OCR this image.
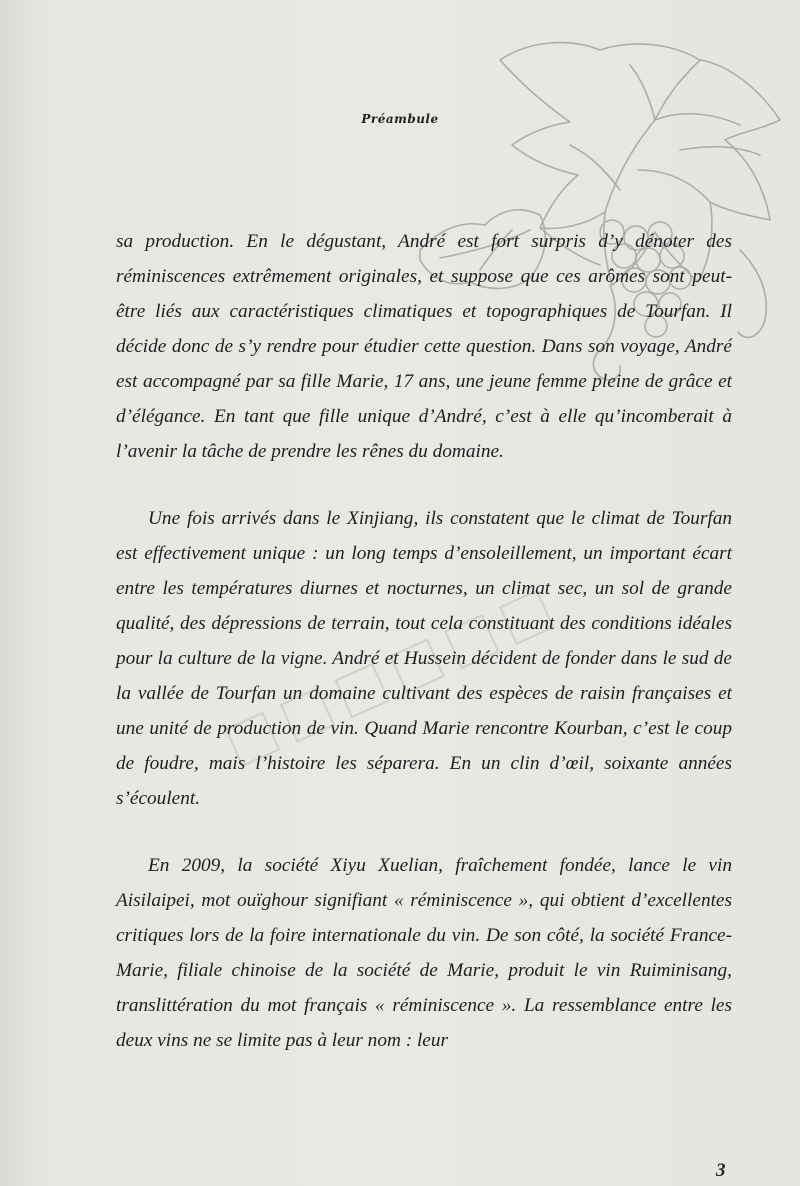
Préambule

sa production. En le dégustant, André est fort surpris d’y dénoter des réminiscences extrêmement originales, et suppose que ces arômes sont peut-être liés aux caractéristiques climatiques et topographiques de Tourfan. Il décide donc de s’y rendre pour étudier cette question. Dans son voyage, André est accompagné par sa fille Marie, 17 ans, une jeune femme pleine de grâce et d’élégance. En tant que fille unique d’André, c’est à elle qu’incomberait à l’avenir la tâche de prendre les rênes du domaine.

Une fois arrivés dans le Xinjiang, ils constatent que le climat de Tourfan est effectivement unique : un long temps d’ensoleillement, un important écart entre les températures diurnes et nocturnes, un climat sec, un sol de grande qualité, des dépressions de terrain, tout cela constituant des conditions idéales pour la culture de la vigne. André et Hussein décident de fonder dans le sud de la vallée de Tourfan un domaine cultivant des espèces de raisin françaises et une unité de production de vin. Quand Marie rencontre Kourban, c’est le coup de foudre, mais l’histoire les séparera. En un clin d’œil, soixante années s’écoulent.

En 2009, la société Xiyu Xuelian, fraîchement fondée, lance le vin Aisilaipei, mot ouïghour signifiant « réminiscence », qui obtient d’excellentes critiques lors de la foire internationale du vin. De son côté, la société France-Marie, filiale chinoise de la société de Marie, produit le vin Ruiminisang, translittération du mot français « réminiscence ». La ressemblance entre les deux vins ne se limite pas à leur nom : leur

3
